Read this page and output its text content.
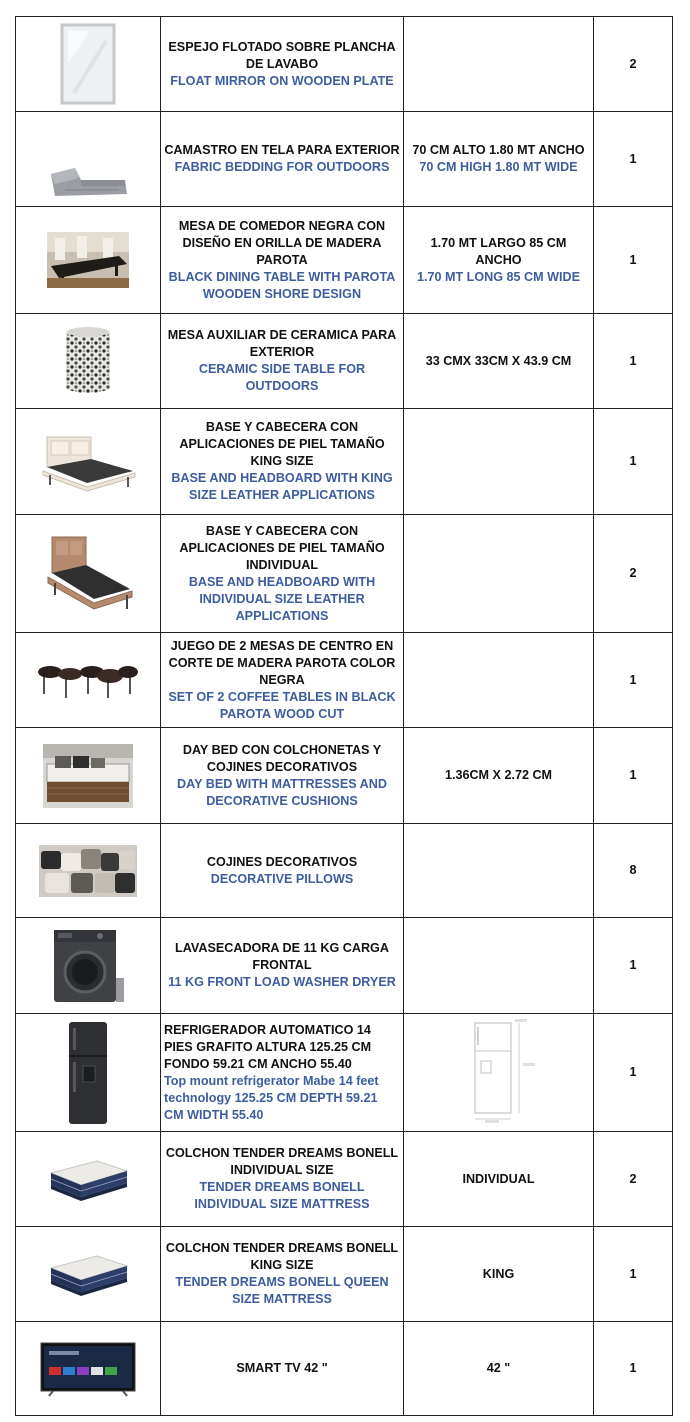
ESPEJO FLOTADO SOBRE PLANCHA DE LAVABO
FLOAT MIRROR ON WOODEN PLATE		2

CAMASTRO EN TELA PARA EXTERIOR
FABRIC BEDDING FOR OUTDOORS	70 CM ALTO 1.80 MT ANCHO
70 CM HIGH 1.80 MT WIDE	1

MESA DE COMEDOR NEGRA CON DISEÑO EN ORILLA DE MADERA PAROTA
BLACK DINING TABLE WITH PAROTA WOODEN SHORE DESIGN	1.70 MT LARGO 85 CM ANCHO
1.70 MT LONG 85 CM WIDE	1

MESA AUXILIAR DE CERAMICA PARA EXTERIOR
CERAMIC SIDE TABLE FOR OUTDOORS	33 CMX 33CM X 43.9 CM	1

BASE Y CABECERA CON APLICACIONES DE PIEL TAMAÑO KING SIZE
BASE AND HEADBOARD WITH KING SIZE LEATHER APPLICATIONS		1

BASE Y CABECERA CON APLICACIONES DE PIEL TAMAÑO INDIVIDUAL
BASE AND HEADBOARD WITH INDIVIDUAL SIZE LEATHER APPLICATIONS		2

JUEGO DE 2 MESAS DE CENTRO EN CORTE DE MADERA PAROTA COLOR NEGRA
SET OF 2 COFFEE TABLES IN BLACK PAROTA WOOD CUT		1

DAY BED CON COLCHONETAS Y COJINES DECORATIVOS
DAY BED WITH MATTRESSES AND DECORATIVE CUSHIONS	1.36CM X 2.72 CM	1

COJINES DECORATIVOS
DECORATIVE PILLOWS		8

LAVASECADORA DE 11 KG CARGA FRONTAL
11 KG FRONT LOAD WASHER DRYER		1

REFRIGERADOR AUTOMATICO 14 PIES GRAFITO ALTURA 125.25 CM FONDO 59.21 CM ANCHO 55.40
Top mount refrigerator Mabe 14 feet technology 125.25 CM DEPTH 59.21 CM WIDTH 55.40		1

COLCHON TENDER DREAMS BONELL INDIVIDUAL SIZE
TENDER DREAMS BONELL INDIVIDUAL SIZE MATTRESS	INDIVIDUAL	2

COLCHON TENDER DREAMS BONELL KING SIZE
TENDER DREAMS BONELL QUEEN SIZE MATTRESS	KING	1

SMART TV 42 "	42 "	1
